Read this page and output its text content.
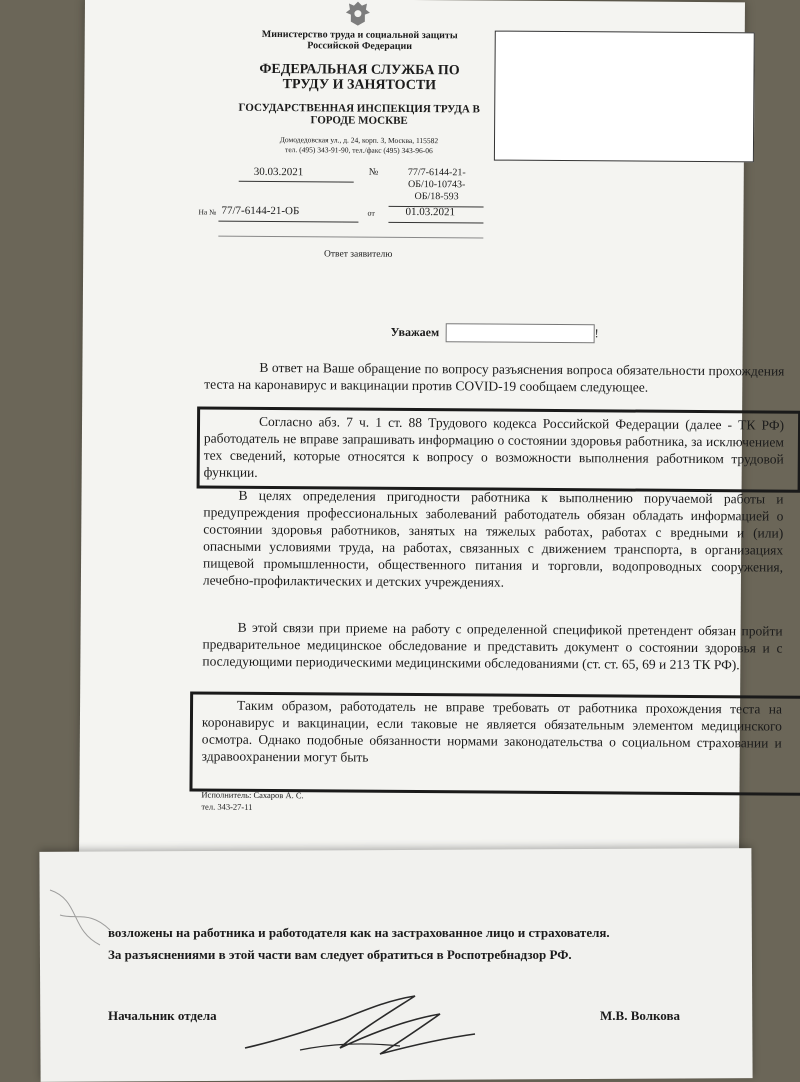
Министерство труда и социальной защиты Российской Федерации
ФЕДЕРАЛЬНАЯ СЛУЖБА ПО ТРУДУ И ЗАНЯТОСТИ
ГОСУДАРСТВЕННАЯ ИНСПЕКЦИЯ ТРУДА В ГОРОДЕ МОСКВЕ
Домодедовская ул., д. 24, корп. 3, Москва, 115582
тел. (495) 343-91-90, тел./факс (495) 343-96-06
30.03.2021	№	77/7-6144-21-ОБ/10-10743-ОБ/18-593
На № 77/7-6144-21-ОБ	от	01.03.2021
Ответ заявителю
Уважаем	!
В ответ на Ваше обращение по вопросу разъяснения вопроса обязательности прохождения теста на каронавирус и вакцинации против COVID-19 сообщаем следующее.
Согласно абз. 7 ч. 1 ст. 88 Трудового кодекса Российской Федерации (далее - ТК РФ) работодатель не вправе запрашивать информацию о состоянии здоровья работника, за исключением тех сведений, которые относятся к вопросу о возможности выполнения работником трудовой функции.
В целях определения пригодности работника к выполнению поручаемой работы и предупреждения профессиональных заболеваний работодатель обязан обладать информацией о состоянии здоровья работников, занятых на тяжелых работах, работах с вредными и (или) опасными условиями труда, на работах, связанных с движением транспорта, в организациях пищевой промышленности, общественного питания и торговли, водопроводных сооружения, лечебно-профилактических и детских учреждениях.
В этой связи при приеме на работу с определенной спецификой претендент обязан пройти предварительное медицинское обследование и представить документ о состоянии здоровья и с последующими периодическими медицинскими обследованиями (ст. ст. 65, 69 и 213 ТК РФ).
Таким образом, работодатель не вправе требовать от работника прохождения теста на коронавирус и вакцинации, если таковые не является обязательным элементом медицинского осмотра. Однако подобные обязанности нормами законодательства о социальном страховании и здравоохранении могут быть
Исполнитель: Сахаров А. С.
тел. 343-27-11
возложены на работника и работодателя как на застрахованное лицо и страхователя.
За разъяснениями в этой части вам следует обратиться в Роспотребнадзор РФ.
Начальник отдела	М.В. Волкова
